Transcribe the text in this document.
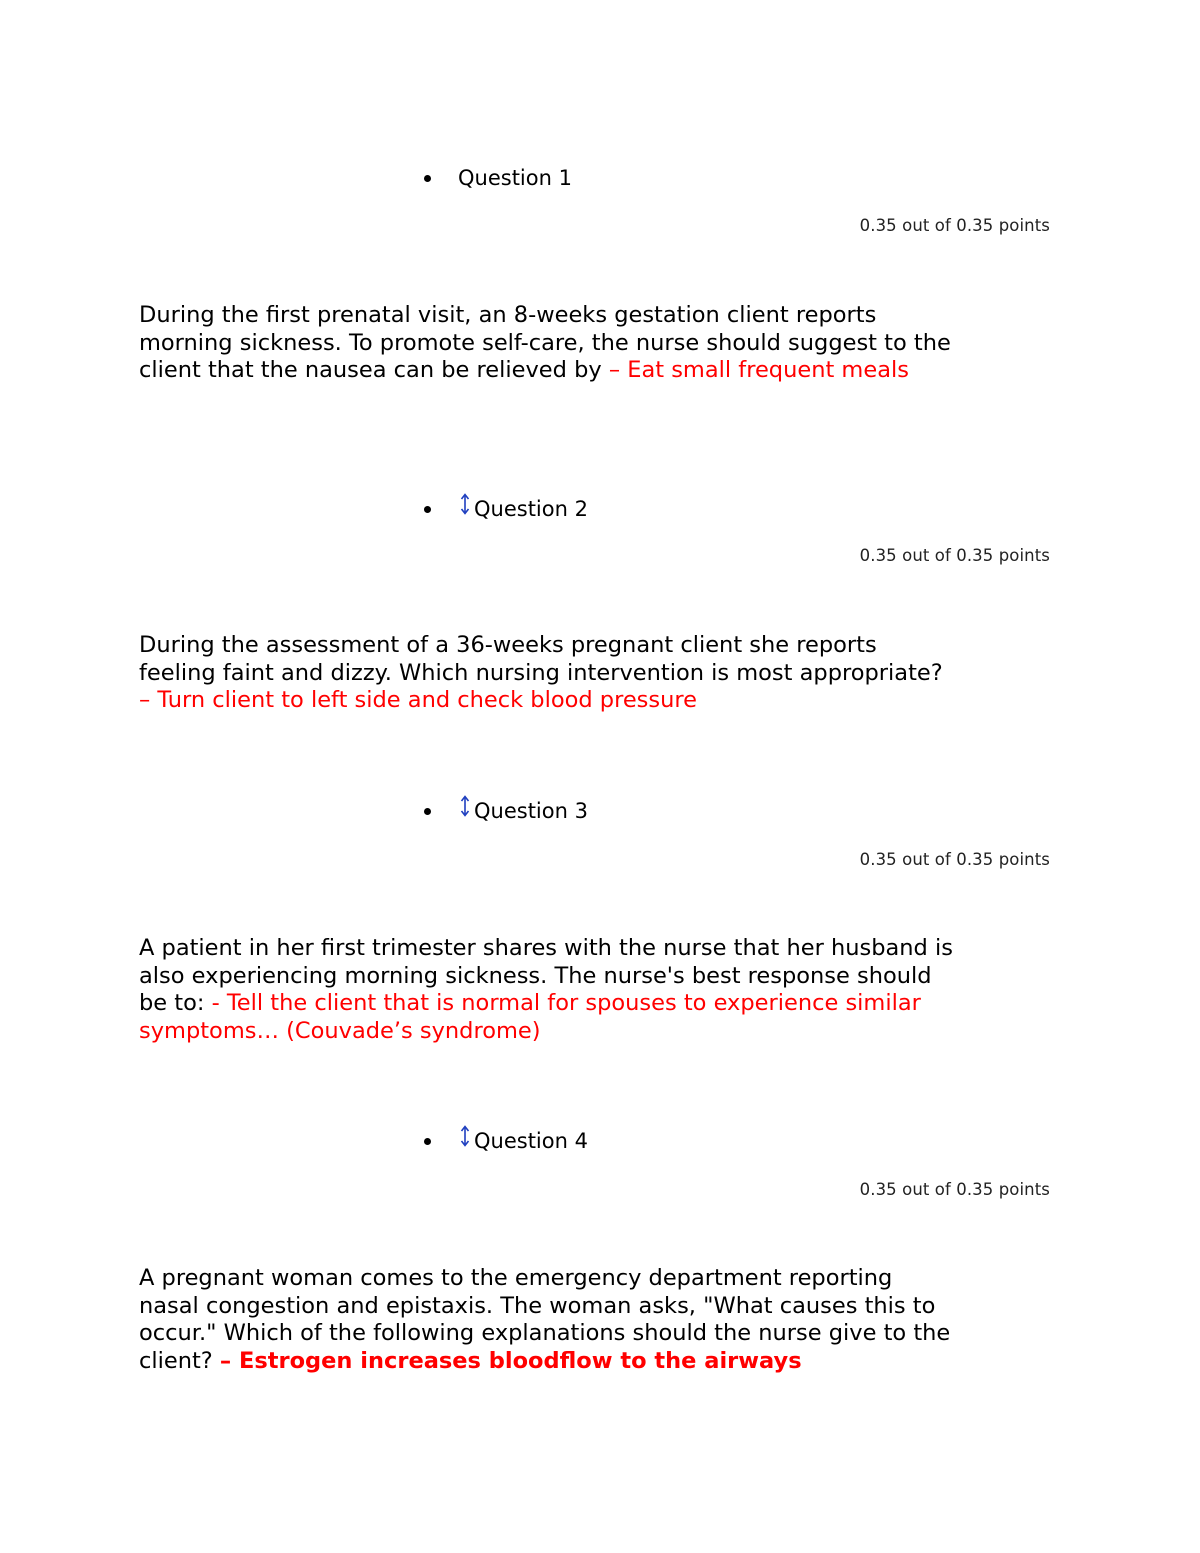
Question 1
0.35 out of 0.35 points
During the first prenatal visit, an 8-weeks gestation client reports morning sickness. To promote self-care, the nurse should suggest to the client that the nausea can be relieved by – Eat small frequent meals
Question 2
0.35 out of 0.35 points
During the assessment of a 36-weeks pregnant client she reports feeling faint and dizzy. Which nursing intervention is most appropriate? – Turn client to left side and check blood pressure
Question 3
0.35 out of 0.35 points
A patient in her first trimester shares with the nurse that her husband is also experiencing morning sickness. The nurse's best response should be to: - Tell the client that is normal for spouses to experience similar symptoms… (Couvade’s syndrome)
Question 4
0.35 out of 0.35 points
A pregnant woman comes to the emergency department reporting nasal congestion and epistaxis. The woman asks, "What causes this to occur." Which of the following explanations should the nurse give to the client? – Estrogen increases bloodflow to the airways
